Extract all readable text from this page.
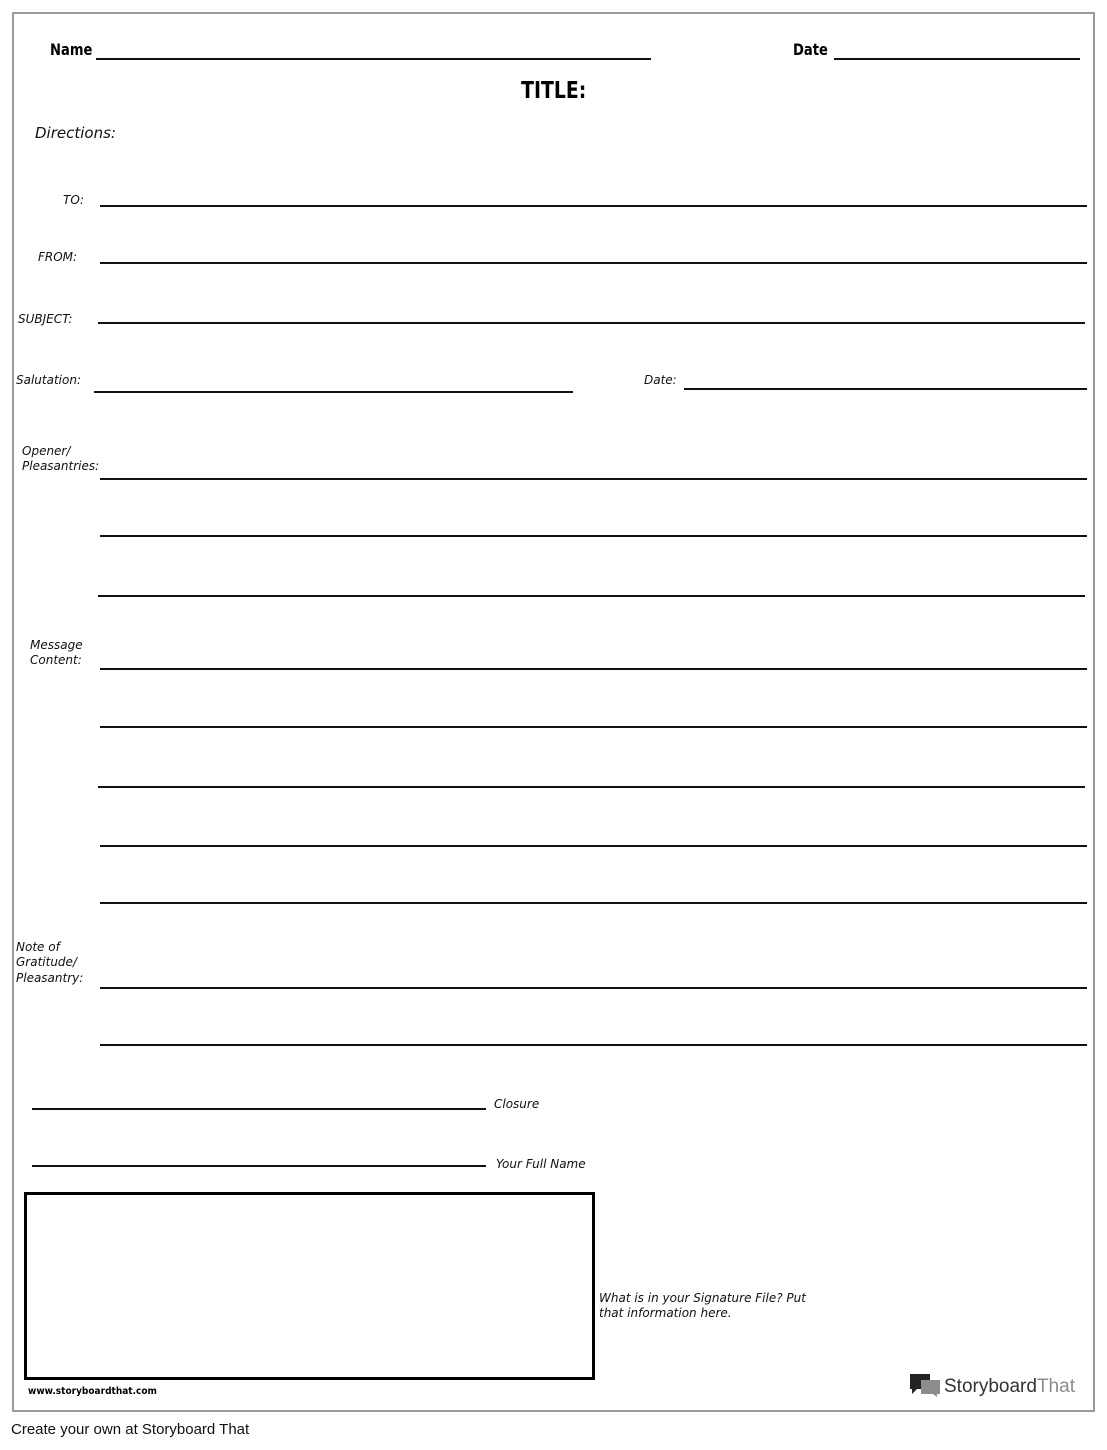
Name	Date
TITLE:
Directions:
TO:
FROM:
SUBJECT:
Salutation:	Date:
Opener/
Pleasantries:
Message
Content:
Note of
Gratitude/
Pleasantry:
Closure
Your Full Name
What is in your Signature File? Put
that information here.
www.storyboardthat.com	StoryboardThat
Create your own at Storyboard That
